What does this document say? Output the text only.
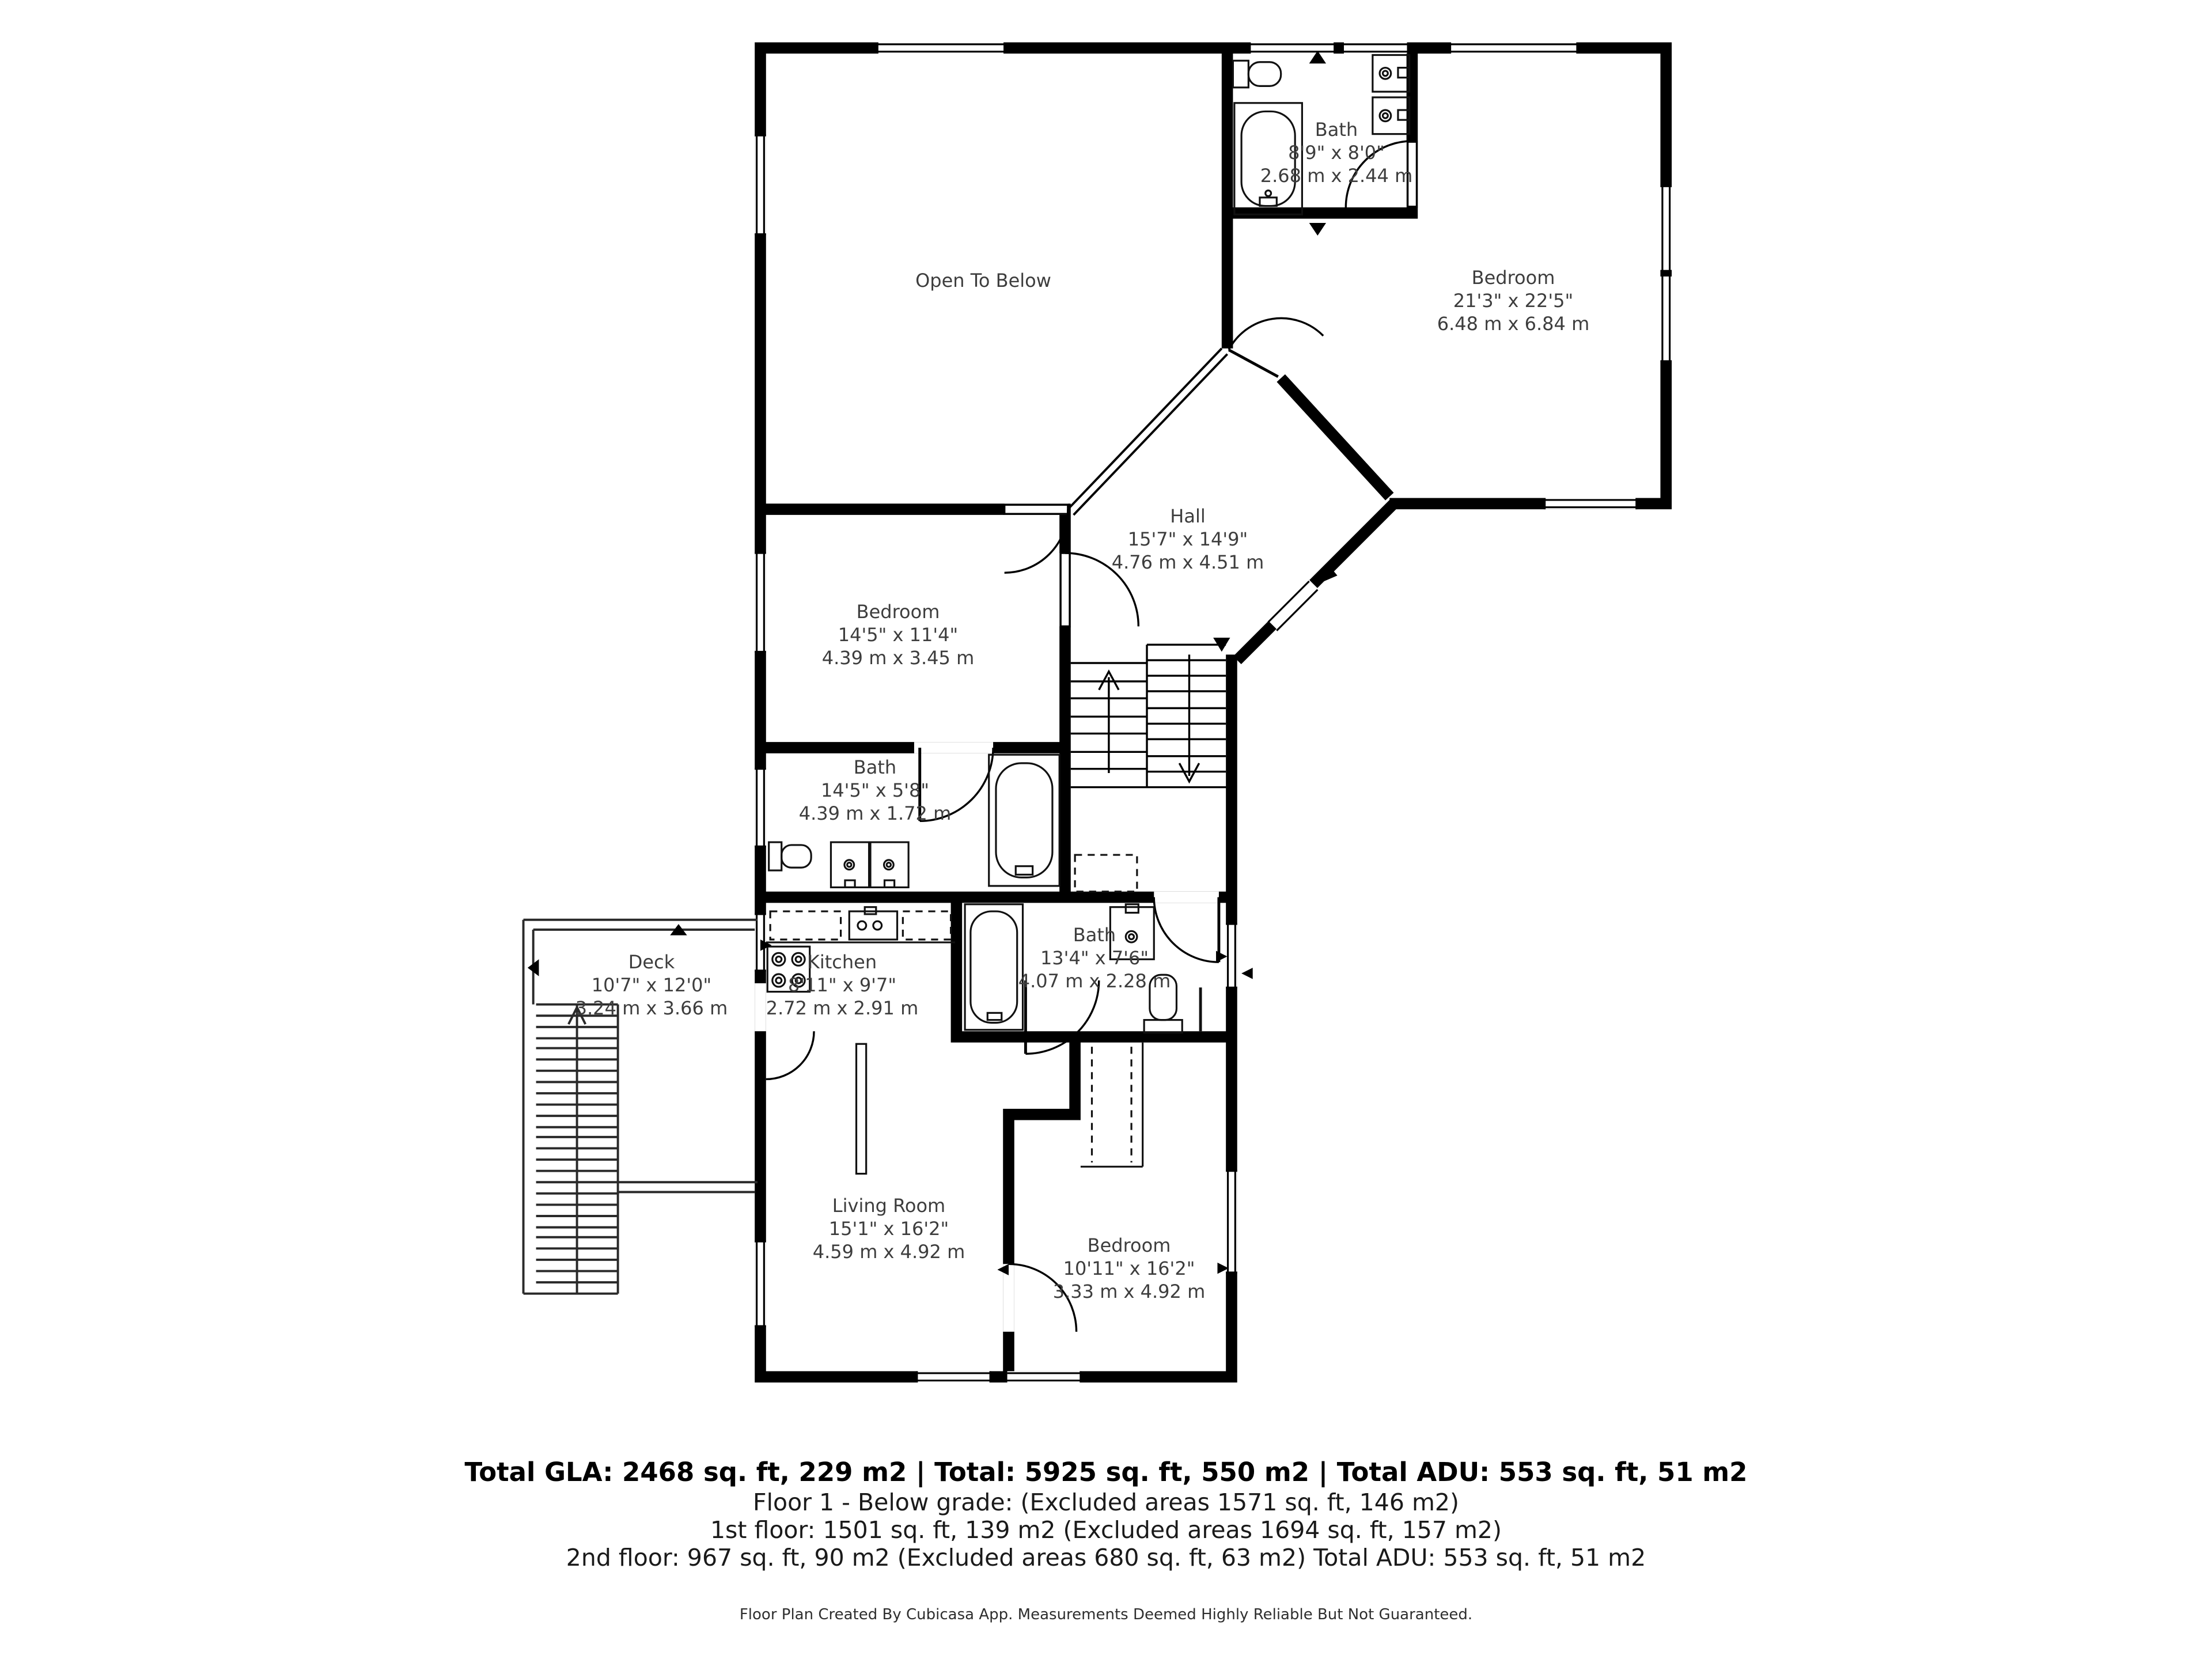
Open To Below
Bath
8'9" x 8'0"
2.68 m x 2.44 m
Bedroom
21'3" x 22'5"
6.48 m x 6.84 m
Hall
15'7" x 14'9"
4.76 m x 4.51 m
Bedroom
14'5" x 11'4"
4.39 m x 3.45 m
Bath
14'5" x 5'8"
4.39 m x 1.72 m
Deck
10'7" x 12'0"
3.24 m x 3.66 m
Kitchen
8'11" x 9'7"
2.72 m x 2.91 m
Bath
13'4" x 7'6"
4.07 m x 2.28 m
Living Room
15'1" x 16'2"
4.59 m x 4.92 m	Bedroom
10'11" x 16'2"
3.33 m x 4.92 m
Total GLA: 2468 sq. ft, 229 m2 | Total: 5925 sq. ft, 550 m2 | Total ADU: 553 sq. ft, 51 m2
Floor 1 - Below grade: (Excluded areas 1571 sq. ft, 146 m2)
1st floor: 1501 sq. ft, 139 m2 (Excluded areas 1694 sq. ft, 157 m2)
2nd floor: 967 sq. ft, 90 m2 (Excluded areas 680 sq. ft, 63 m2) Total ADU: 553 sq. ft, 51 m2
Floor Plan Created By Cubicasa App. Measurements Deemed Highly Reliable But Not Guaranteed.
